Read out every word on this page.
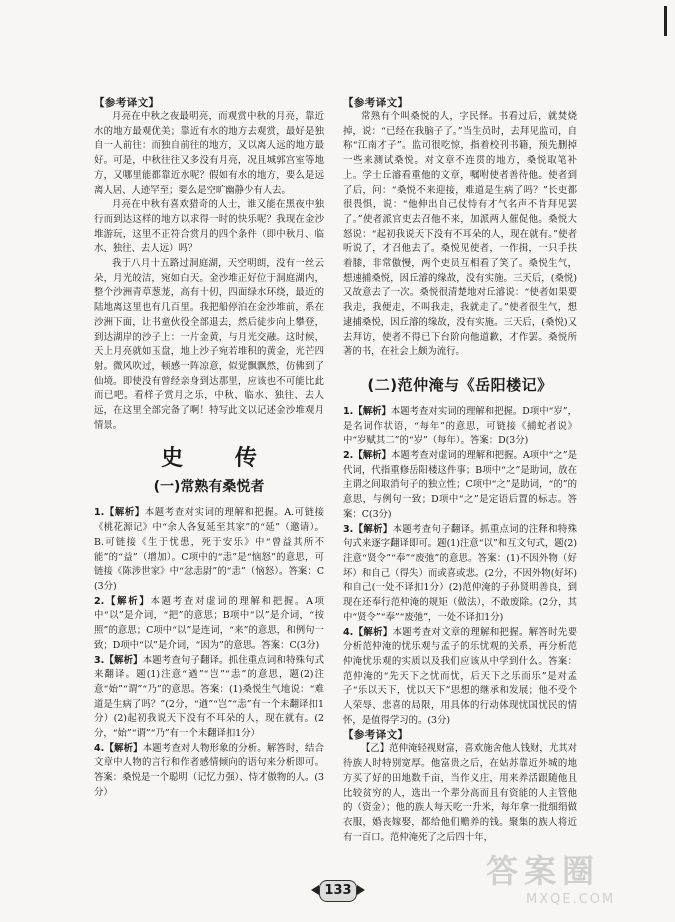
【参考译文】

月亮在中秋之夜最明亮，而观赏中秋的月亮，靠近水的地方最观优美；靠近有水的地方去观赏，最好是独自一人前往：而独自前往的地方，又以离人远的地方最好。可是，中秋往往又多没有月亮，况且城郭宫室等地方，又哪里能都靠近水呢？假如有水的地方，要么是远离人居、人迹罕至；要么是空旷幽静少有人去。

月亮在中秋有喜欢猎奇的人士，谁又能在黑夜中独行而到达这样的地方以求得一时的快乐呢？我现在金沙堆游玩，这里不正符合赏月的四个条件（即中秋月、临水、独往、去人远）吗？

我于八月十五路过洞庭湖，天空明朗，没有一丝云朵，月光皎洁，宛如白天。金沙堆正好位于洞庭湖内，整个沙洲青草葱茏，高有十仞，四面绿水环绕，最近的陆地离这里也有几百里。我把船停泊在金沙堆前，系在沙洲下面，让书童伙役全部退去，然后徒步向上攀登，到达湖岸的沙子上：一片金黄，与月光交融。这时候，天上月亮就如玉盘，地上沙子宛若堆积的黄金，光芒四射。微风吹过，顿感一阵凉意，似觉飘飘然，仿佛到了仙境。即使没有曾经亲身到达那里，应该也不可能比此而已吧。看样子赏月之乐，中秋、临水、独往、去人远，在这里全部完备了啊！特写此文以记述金沙堆观月情景。

史 传
(一)常熟有桑悦者
1.【解析】本题考查对实词的理解和把握。A.可链接《桃花源记》中“余人各复延至其家”的“延”（邀请）。B.可链接《生于忧患，死于安乐》中“曾益其所不能”的“益”（增加）。C项中的“恚”是“恼怒”的意思，可链接《陈涉世家》中“忿恚尉”的“恚”（恼怒）。答案：C(3分)
2.【解析】本题考查对虚词的理解和把握。A项中“以”是介词，“把”的意思；B项中“以”是介词，“按照”的意思；C项中“以”是连词，“来”的意思，和例句一致；D项中“以”是介词，“因为”的意思。答案：C(3分)
3.【解析】本题考查句子翻译。抓住重点词和特殊句式来翻译。题(1)注意“遒”“岂”“恚”的意思，题(2)注意“始”“谓”“乃”的意思。答案：(1)桑悦生气地说：“难道是生病了吗？”(2分，“遒”“岂”“恚”有一个未翻译扣1分）(2)起初我说天下没有不耳朵的人，现在就有。(2分，“始”“谓”“乃”有一个未翻译扣1分）
4.【解析】本题考查对人物形象的分析。解答时，结合文章中人物的言行和作者感情倾向的语句来分析即可。答案：桑悦是一个聪明（记忆力强）、恃才傲物的人。(3分）
【参考译文】

常熟有个叫桑悦的人，字民怿。书看过后，就焚烧掉，说：“已经在我脑子了。”当生员时，去拜见监司，自称“江南才子”。监司很吃惊，指着校刊书籍，预先删掉一些来测试桑悦。对文章不连贯的地方，桑悦取笔补上。学士丘濬看重他的文章，嘱咐使者善待他。使者到了后，问：“桑悦不来迎接，难道是生病了吗？”长吏都很畏惧，说：“他伸出自己仗恃有才气名声不肯拜见罢了。”使者派官吏去召他不来，加派两人催促他。桑悦大怒说：“起初我说天下没有不耳朵的人，现在就有。”使者听说了，才召他去了。桑悦见使者，一作揖，一只手扶着膝，非常傲慢，两个吏员互相看了笑了。桑悦生气，想速捕桑悦，因丘濬的缘故，没有实施。三天后，(桑悦)又故意去了一次。桑悦很清楚地对丘濬说：“使者如果要我走，我便走，不叫我走，我就走了。”使者很生气，想逮捕桑悦，因丘濬的缘故，没有实施。三天后，(桑悦)又去拜访，使者不得已下台阶向他道歉，才作罢。桑悦所著的书，在社会上颇为流行。

(二)范仲淹与《岳阳楼记》
1.【解析】本题考查对实词的理解和把握。D项中“岁”，是名词作状语，“每年”的意思，可链接《捕蛇者说》中“岁赋其二”的“岁”（每年）。答案：D(3分)
2.【解析】本题考查对虚词的理解和把握。A项中“之”是代词，代指重修岳阳楼这件事；B项中“之”是助词，放在主谓之间取消句子的独立性；C项中“之”是助词，“的”的意思，与例句一致；D项中“之”是定语后置的标志。答案：C(3分)
3.【解析】本题考查句子翻译。抓重点词的注释和特殊句式来逐字翻译即可。题(1)注意“以”和互文句式，题(2)注意“贤令”“奉”“废弛”的意思。答案：(1)不因外物（好坏）和自己（得失）而或喜或悲。(2分，不因外物(好坏)和自己(一处不译扣1分）(2)范仲淹的子孙贤明善良，到现在还奉行范仲淹的规矩（做法），不敢废除。(2分，其中“贤令”“奉”“废弛”，一处不译扣1分)
4.【解析】本题考查对文章的理解和把握。解答时先要分析范仲淹的忧乐观与孟子的乐忧观的关系，再分析范仲淹忧乐观的实质以及我们应该从中学到什么。答案：范仲淹的“先天下之忧而忧，后天下之乐而乐”是对孟子“乐以天下，忧以天下”思想的继承和发展；他不受个人荣辱、悲喜的局限，用具体的行动体现忧国忧民的情怀，是值得学习的。(3分)
【参考译文】

【乙】范仲淹轻视财富，喜欢施舍他人钱财，尤其对待族人时特别宽厚。他富贵之后，在姑苏靠近外城的地方买了好的田地数千亩，当作义庄，用来养活跟随他且比较贫穷的人，选出一个辈分高而且有资能的人主管他的（资金）；他的族人每天吃一升米，每年拿一批细绢做衣服，婚丧嫁娶，都给他们赡养的钱。聚集的族人将近有一百口。范仲淹死了之后四十年，

133
答案圈
MXQE.COM
